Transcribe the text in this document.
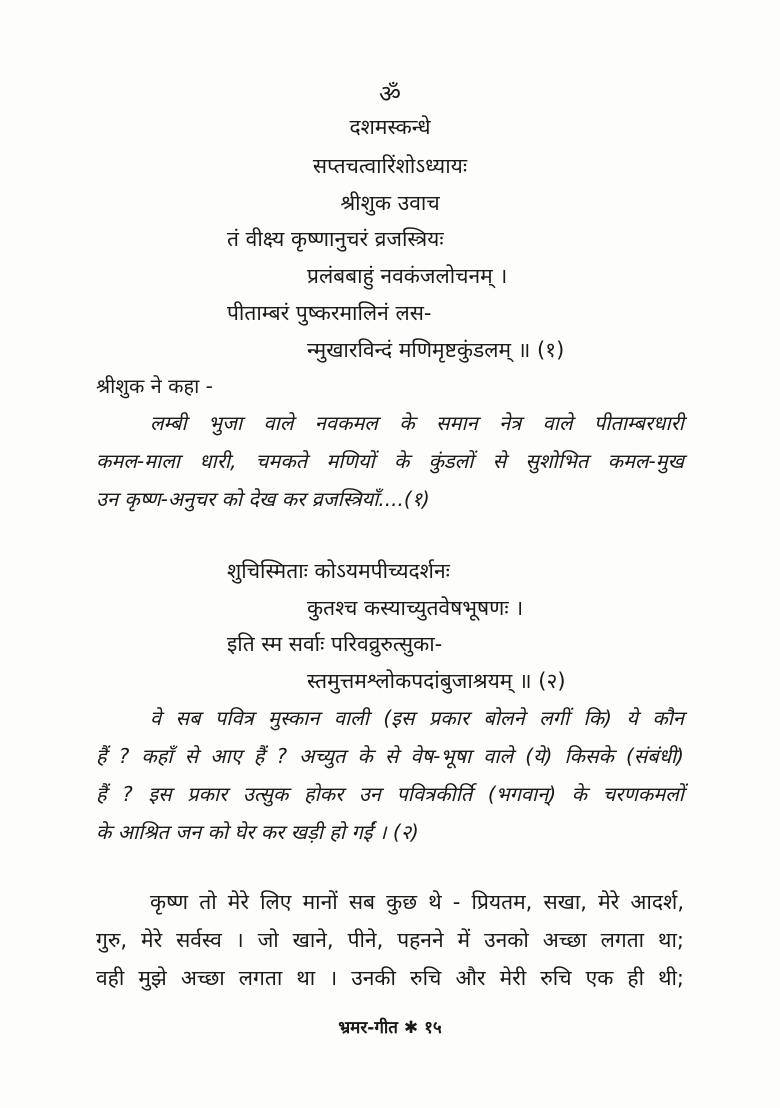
ॐ
दशमस्कन्धे
सप्तचत्वारिंशोऽध्यायः
श्रीशुक उवाच
तं वीक्ष्य कृष्णानुचरं व्रजस्त्रियः
प्रलंबबाहुं नवकंजलोचनम् ।
पीताम्बरं पुष्करमालिनं लस-
न्मुखारविन्दं मणिमृष्टकुंडलम् ॥ (१)
श्रीशुक ने कहा -
लम्बी भुजा वाले नवकमल के समान नेत्र वाले पीताम्बरधारी
कमल-माला धारी, चमकते मणियों के कुंडलों से सुशोभित कमल-मुख
उन कृष्ण-अनुचर को देख कर व्रजस्त्रियाँ....(१)
शुचिस्मिताः कोऽयमपीच्यदर्शनः
कुतश्च कस्याच्युतवेषभूषणः ।
इति स्म सर्वाः परिवव्रुरुत्सुका-
स्तमुत्तमश्लोकपदांबुजाश्रयम् ॥ (२)
वे सब पवित्र मुस्कान वाली (इस प्रकार बोलने लगीं कि) ये कौन
हैं ? कहाँ से आए हैं ? अच्युत के से वेष-भूषा वाले (ये) किसके (संबंधी)
हैं ? इस प्रकार उत्सुक होकर उन पवित्रकीर्ति (भगवान्) के चरणकमलों
के आश्रित जन को घेर कर खड़ी हो गईं । (२)
कृष्ण तो मेरे लिए मानों सब कुछ थे - प्रियतम, सखा, मेरे आदर्श,
गुरु, मेरे सर्वस्व । जो खाने, पीने, पहनने में उनको अच्छा लगता था;
वही मुझे अच्छा लगता था । उनकी रुचि और मेरी रुचि एक ही थी;
भ्रमर-गीत ✱ १५
